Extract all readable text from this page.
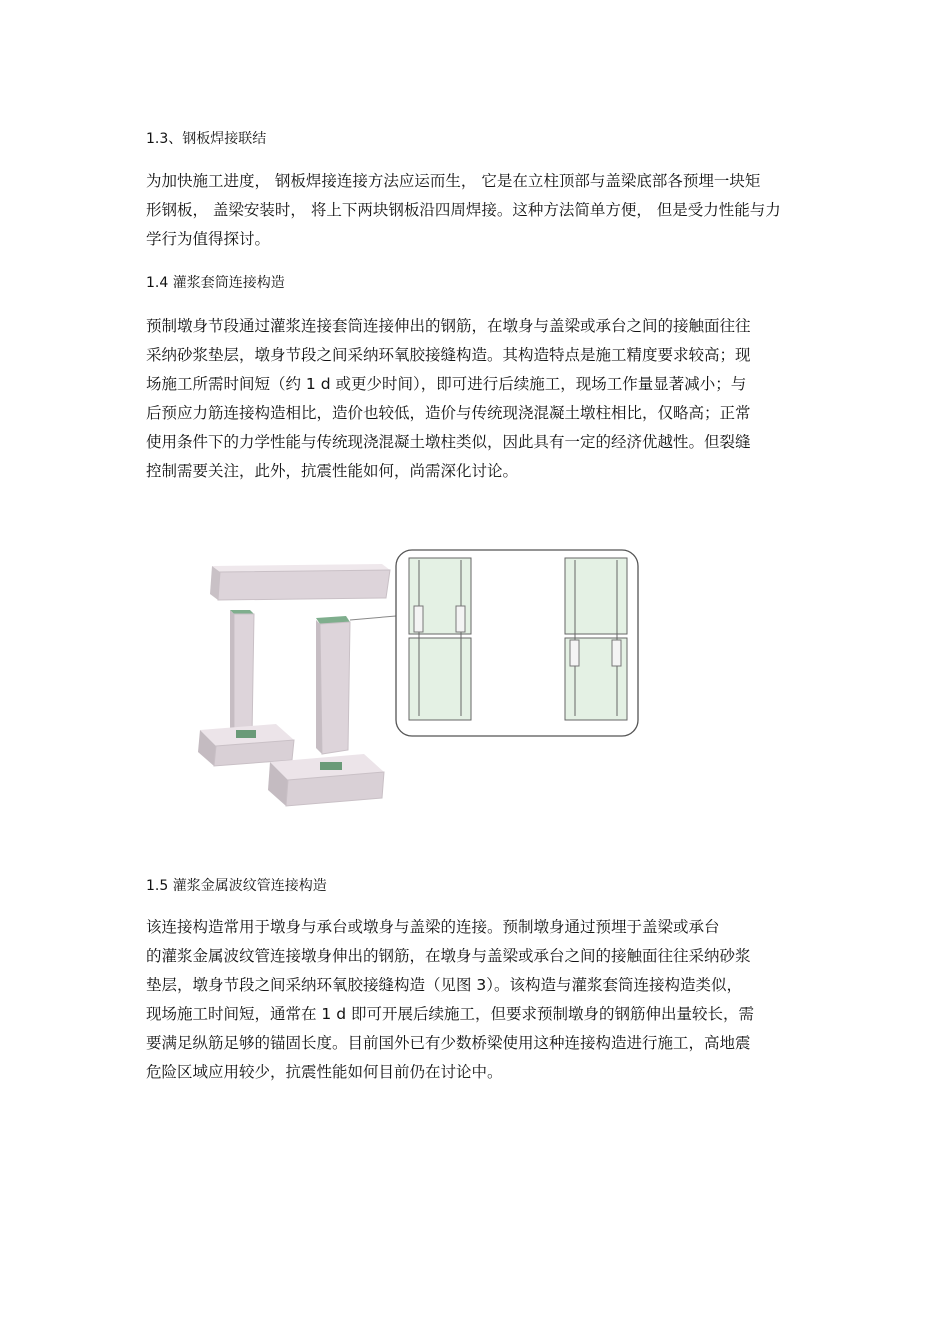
1.3、钢板焊接联结

为加快施工进度， 钢板焊接连接方法应运而生， 它是在立柱顶部与盖梁底部各预埋一块矩
形钢板， 盖梁安装时， 将上下两块钢板沿四周焊接。这种方法简单方便， 但是受力性能与力
学行为值得探讨。

1.4 灌浆套筒连接构造

预制墩身节段通过灌浆连接套筒连接伸出的钢筋，在墩身与盖梁或承台之间的接触面往往
采纳砂浆垫层，墩身节段之间采纳环氧胶接缝构造。其构造特点是施工精度要求较高；现
场施工所需时间短（约 1 d 或更少时间），即可进行后续施工，现场工作量显著减小；与
后预应力筋连接构造相比，造价也较低，造价与传统现浇混凝土墩柱相比，仅略高；正常
使用条件下的力学性能与传统现浇混凝土墩柱类似，因此具有一定的经济优越性。但裂缝
控制需要关注，此外，抗震性能如何，尚需深化讨论。

1.5 灌浆金属波纹管连接构造

该连接构造常用于墩身与承台或墩身与盖梁的连接。预制墩身通过预埋于盖梁或承台
的灌浆金属波纹管连接墩身伸出的钢筋，在墩身与盖梁或承台之间的接触面往往采纳砂浆
垫层，墩身节段之间采纳环氧胶接缝构造（见图 3）。该构造与灌浆套筒连接构造类似，
现场施工时间短，通常在 1 d 即可开展后续施工，但要求预制墩身的钢筋伸出量较长，需
要满足纵筋足够的锚固长度。目前国外已有少数桥梁使用这种连接构造进行施工，高地震
危险区域应用较少，抗震性能如何目前仍在讨论中。
